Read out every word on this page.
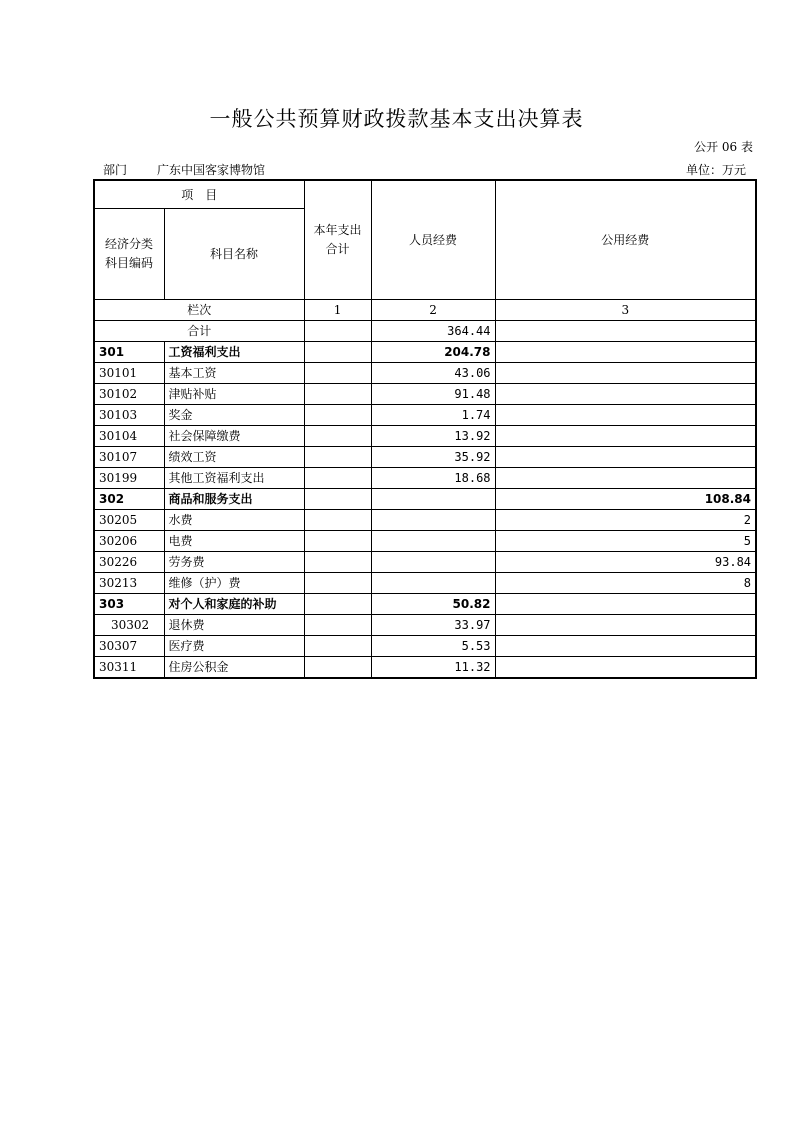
一般公共预算财政拨款基本支出决算表
公开 06 表
部门 广东中国客家博物馆	单位：万元
项　目		本年支出合计	人员经费	公用经费
经济分类科目编码	科目名称			
栏次		1	2	3
合计			364.44	
301	工资福利支出		204.78	
30101	基本工资		43.06	
30102	津贴补贴		91.48	
30103	奖金		1.74	
30104	社会保障缴费		13.92	
30107	绩效工资		35.92	
30199	其他工资福利支出		18.68	
302	商品和服务支出			108.84
30205	水费			2
30206	电费			5
30226	劳务费			93.84
30213	维修（护）费			8
303	对个人和家庭的补助		50.82	
30302	退休费		33.97	
30307	医疗费		5.53	
30311	住房公积金		11.32	
